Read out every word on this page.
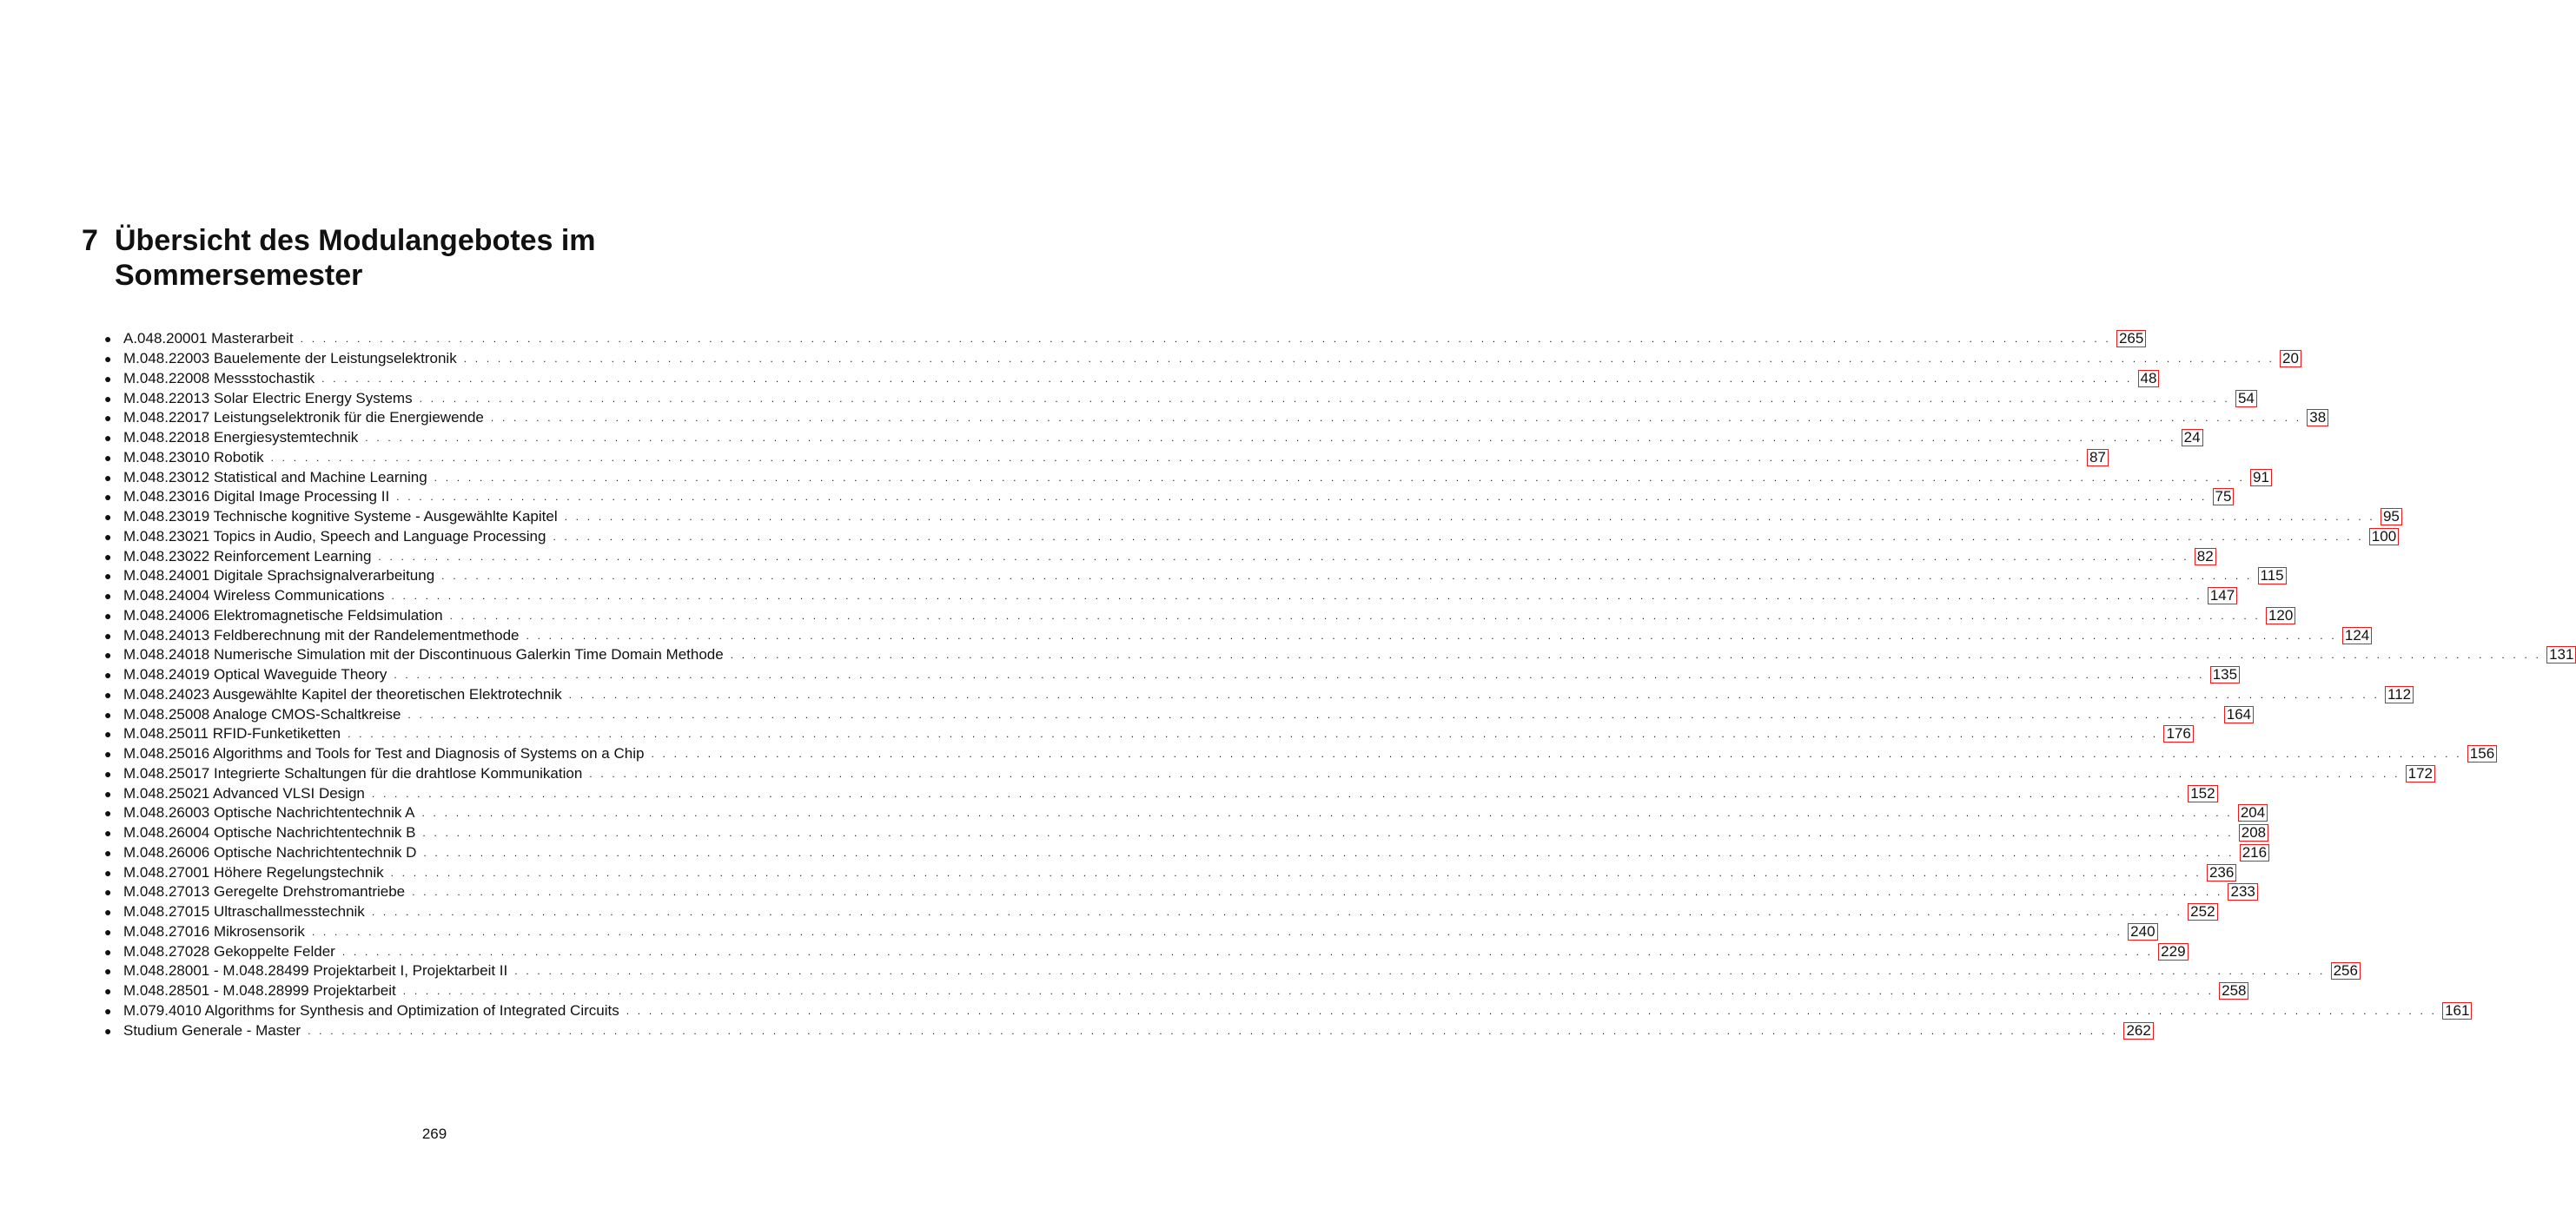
7 Übersicht des Modulangebotes im Sommersemester
● A.048.20001 Masterarbeit . . . . . . . . . . . . . . . . . . . . . . . . . . . . . . . . . . . . . . . . . . . . . . . . . . . . . . . . . . . . . . . . . . . . . . . . . . . . . . . . . . . . . . . . . . . . . . . . . . . . . . . . . . . . . . . . . . . . . . . . . . . . . . . . . . . . . . . . . . . . . . . . . . . . . . . . . . . . . . . . 265
● M.048.22003 Bauelemente der Leistungselektronik . . . . . . . . . . . . . . . . . . . . . . . . . . . . . . . . . . . . . . . . . . . . . . . . . . . . . . . . . . . . . . . . . . . . . . . . . . . . . . . . . . . . . . . . . . . . . . . . . . . . . . . . . . . . . . . . . . . . . . . . . . . . . . . . . . . . . . . . . . . . . . . . . . . . . . . . . . . . . . . . 20
● M.048.22008 Messstochastik . . . . . . . . . . . . . . . . . . . . . . . . . . . . . . . . . . . . . . . . . . . . . . . . . . . . . . . . . . . . . . . . . . . . . . . . . . . . . . . . . . . . . . . . . . . . . . . . . . . . . . . . . . . . . . . . . . . . . . . . . . . . . . . . . . . . . . . . . . . . . . . . . . . . . . . . . . . . . . . . 48
● M.048.22013 Solar Electric Energy Systems . . . . . . . . . . . . . . . . . . . . . . . . . . . . . . . . . . . . . . . . . . . . . . . . . . . . . . . . . . . . . . . . . . . . . . . . . . . . . . . . . . . . . . . . . . . . . . . . . . . . . . . . . . . . . . . . . . . . . . . . . . . . . . . . . . . . . . . . . . . . . . . . . . . . . . . . . . . . . . . . 54
● M.048.22017 Leistungselektronik für die Energiewende . . . . . . . . . . . . . . . . . . . . . . . . . . . . . . . . . . . . . . . . . . . . . . . . . . . . . . . . . . . . . . . . . . . . . . . . . . . . . . . . . . . . . . . . . . . . . . . . . . . . . . . . . . . . . . . . . . . . . . . . . . . . . . . . . . . . . . . . . . . . . . . . . . . . . . . . . . . . . . . . 38
● M.048.22018 Energiesystemtechnik . . . . . . . . . . . . . . . . . . . . . . . . . . . . . . . . . . . . . . . . . . . . . . . . . . . . . . . . . . . . . . . . . . . . . . . . . . . . . . . . . . . . . . . . . . . . . . . . . . . . . . . . . . . . . . . . . . . . . . . . . . . . . . . . . . . . . . . . . . . . . . . . . . . . . . . . . . . . . . . . 24
● M.048.23010 Robotik . . . . . . . . . . . . . . . . . . . . . . . . . . . . . . . . . . . . . . . . . . . . . . . . . . . . . . . . . . . . . . . . . . . . . . . . . . . . . . . . . . . . . . . . . . . . . . . . . . . . . . . . . . . . . . . . . . . . . . . . . . . . . . . . . . . . . . . . . . . . . . . . . . . . . . . . . . . . . . . . 87
● M.048.23012 Statistical and Machine Learning . . . . . . . . . . . . . . . . . . . . . . . . . . . . . . . . . . . . . . . . . . . . . . . . . . . . . . . . . . . . . . . . . . . . . . . . . . . . . . . . . . . . . . . . . . . . . . . . . . . . . . . . . . . . . . . . . . . . . . . . . . . . . . . . . . . . . . . . . . . . . . . . . . . . . . . . . . . . . . . . 91
● M.048.23016 Digital Image Processing II . . . . . . . . . . . . . . . . . . . . . . . . . . . . . . . . . . . . . . . . . . . . . . . . . . . . . . . . . . . . . . . . . . . . . . . . . . . . . . . . . . . . . . . . . . . . . . . . . . . . . . . . . . . . . . . . . . . . . . . . . . . . . . . . . . . . . . . . . . . . . . . . . . . . . . . . . . . . . . . . 75
● M.048.23019 Technische kognitive Systeme - Ausgewählte Kapitel . . . . . . . . . . . . . . . . . . . . . . . . . . . . . . . . . . . . . . . . . . . . . . . . . . . . . . . . . . . . . . . . . . . . . . . . . . . . . . . . . . . . . . . . . . . . . . . . . . . . . . . . . . . . . . . . . . . . . . . . . . . . . . . . . . . . . . . . . . . . . . . . . . . . . . . . . . . . . . . . 95
● M.048.23021 Topics in Audio, Speech and Language Processing . . . . . . . . . . . . . . . . . . . . . . . . . . . . . . . . . . . . . . . . . . . . . . . . . . . . . . . . . . . . . . . . . . . . . . . . . . . . . . . . . . . . . . . . . . . . . . . . . . . . . . . . . . . . . . . . . . . . . . . . . . . . . . . . . . . . . . . . . . . . . . . . . . . . . . . . . . . . . . . . 100
● M.048.23022 Reinforcement Learning . . . . . . . . . . . . . . . . . . . . . . . . . . . . . . . . . . . . . . . . . . . . . . . . . . . . . . . . . . . . . . . . . . . . . . . . . . . . . . . . . . . . . . . . . . . . . . . . . . . . . . . . . . . . . . . . . . . . . . . . . . . . . . . . . . . . . . . . . . . . . . . . . . . . . . . . . . . . . . . . 82
● M.048.24001 Digitale Sprachsignalverarbeitung . . . . . . . . . . . . . . . . . . . . . . . . . . . . . . . . . . . . . . . . . . . . . . . . . . . . . . . . . . . . . . . . . . . . . . . . . . . . . . . . . . . . . . . . . . . . . . . . . . . . . . . . . . . . . . . . . . . . . . . . . . . . . . . . . . . . . . . . . . . . . . . . . . . . . . . . . . . . . . . . 115
● M.048.24004 Wireless Communications . . . . . . . . . . . . . . . . . . . . . . . . . . . . . . . . . . . . . . . . . . . . . . . . . . . . . . . . . . . . . . . . . . . . . . . . . . . . . . . . . . . . . . . . . . . . . . . . . . . . . . . . . . . . . . . . . . . . . . . . . . . . . . . . . . . . . . . . . . . . . . . . . . . . . . . . . . . . . . . . 147
● M.048.24006 Elektromagnetische Feldsimulation . . . . . . . . . . . . . . . . . . . . . . . . . . . . . . . . . . . . . . . . . . . . . . . . . . . . . . . . . . . . . . . . . . . . . . . . . . . . . . . . . . . . . . . . . . . . . . . . . . . . . . . . . . . . . . . . . . . . . . . . . . . . . . . . . . . . . . . . . . . . . . . . . . . . . . . . . . . . . . . . 120
● M.048.24013 Feldberechnung mit der Randelementmethode . . . . . . . . . . . . . . . . . . . . . . . . . . . . . . . . . . . . . . . . . . . . . . . . . . . . . . . . . . . . . . . . . . . . . . . . . . . . . . . . . . . . . . . . . . . . . . . . . . . . . . . . . . . . . . . . . . . . . . . . . . . . . . . . . . . . . . . . . . . . . . . . . . . . . . . . . . . . . . . . 124
● M.048.24018 Numerische Simulation mit der Discontinuous Galerkin Time Domain Methode . . . . . . . . . . . . . . . . . . . . . . . . . . . . . . . . . . . . . . . . . . . . . . . . . . . . . . . . . . . . . . . . . . . . . . . . . . . . . . . . . . . . . . . . . . . . . . . . . . . . . . . . . . . . . . . . . . . . . . . . . . . . . . . . . . . . . . . . . . . . . . . . . . . . . . . . . . . . . . . . 131
● M.048.24019 Optical Waveguide Theory . . . . . . . . . . . . . . . . . . . . . . . . . . . . . . . . . . . . . . . . . . . . . . . . . . . . . . . . . . . . . . . . . . . . . . . . . . . . . . . . . . . . . . . . . . . . . . . . . . . . . . . . . . . . . . . . . . . . . . . . . . . . . . . . . . . . . . . . . . . . . . . . . . . . . . . . . . . . . . . . 135
● M.048.24023 Ausgewählte Kapitel der theoretischen Elektrotechnik . . . . . . . . . . . . . . . . . . . . . . . . . . . . . . . . . . . . . . . . . . . . . . . . . . . . . . . . . . . . . . . . . . . . . . . . . . . . . . . . . . . . . . . . . . . . . . . . . . . . . . . . . . . . . . . . . . . . . . . . . . . . . . . . . . . . . . . . . . . . . . . . . . . . . . . . . . . . . . . . 112
● M.048.25008 Analoge CMOS-Schaltkreise . . . . . . . . . . . . . . . . . . . . . . . . . . . . . . . . . . . . . . . . . . . . . . . . . . . . . . . . . . . . . . . . . . . . . . . . . . . . . . . . . . . . . . . . . . . . . . . . . . . . . . . . . . . . . . . . . . . . . . . . . . . . . . . . . . . . . . . . . . . . . . . . . . . . . . . . . . . . . . . . 164
● M.048.25011 RFID-Funketiketten . . . . . . . . . . . . . . . . . . . . . . . . . . . . . . . . . . . . . . . . . . . . . . . . . . . . . . . . . . . . . . . . . . . . . . . . . . . . . . . . . . . . . . . . . . . . . . . . . . . . . . . . . . . . . . . . . . . . . . . . . . . . . . . . . . . . . . . . . . . . . . . . . . . . . . . . . . . . . . . . 176
● M.048.25016 Algorithms and Tools for Test and Diagnosis of Systems on a Chip . . . . . . . . . . . . . . . . . . . . . . . . . . . . . . . . . . . . . . . . . . . . . . . . . . . . . . . . . . . . . . . . . . . . . . . . . . . . . . . . . . . . . . . . . . . . . . . . . . . . . . . . . . . . . . . . . . . . . . . . . . . . . . . . . . . . . . . . . . . . . . . . . . . . . . . . . . . . . . . . 156
● M.048.25017 Integrierte Schaltungen für die drahtlose Kommunikation . . . . . . . . . . . . . . . . . . . . . . . . . . . . . . . . . . . . . . . . . . . . . . . . . . . . . . . . . . . . . . . . . . . . . . . . . . . . . . . . . . . . . . . . . . . . . . . . . . . . . . . . . . . . . . . . . . . . . . . . . . . . . . . . . . . . . . . . . . . . . . . . . . . . . . . . . . . . . . . . 172
● M.048.25021 Advanced VLSI Design . . . . . . . . . . . . . . . . . . . . . . . . . . . . . . . . . . . . . . . . . . . . . . . . . . . . . . . . . . . . . . . . . . . . . . . . . . . . . . . . . . . . . . . . . . . . . . . . . . . . . . . . . . . . . . . . . . . . . . . . . . . . . . . . . . . . . . . . . . . . . . . . . . . . . . . . . . . . . . . . 152
● M.048.26003 Optische Nachrichtentechnik A . . . . . . . . . . . . . . . . . . . . . . . . . . . . . . . . . . . . . . . . . . . . . . . . . . . . . . . . . . . . . . . . . . . . . . . . . . . . . . . . . . . . . . . . . . . . . . . . . . . . . . . . . . . . . . . . . . . . . . . . . . . . . . . . . . . . . . . . . . . . . . . . . . . . . . . . . . . . . . . . 204
● M.048.26004 Optische Nachrichtentechnik B . . . . . . . . . . . . . . . . . . . . . . . . . . . . . . . . . . . . . . . . . . . . . . . . . . . . . . . . . . . . . . . . . . . . . . . . . . . . . . . . . . . . . . . . . . . . . . . . . . . . . . . . . . . . . . . . . . . . . . . . . . . . . . . . . . . . . . . . . . . . . . . . . . . . . . . . . . . . . . . . 208
● M.048.26006 Optische Nachrichtentechnik D . . . . . . . . . . . . . . . . . . . . . . . . . . . . . . . . . . . . . . . . . . . . . . . . . . . . . . . . . . . . . . . . . . . . . . . . . . . . . . . . . . . . . . . . . . . . . . . . . . . . . . . . . . . . . . . . . . . . . . . . . . . . . . . . . . . . . . . . . . . . . . . . . . . . . . . . . . . . . . . . 216
● M.048.27001 Höhere Regelungstechnik . . . . . . . . . . . . . . . . . . . . . . . . . . . . . . . . . . . . . . . . . . . . . . . . . . . . . . . . . . . . . . . . . . . . . . . . . . . . . . . . . . . . . . . . . . . . . . . . . . . . . . . . . . . . . . . . . . . . . . . . . . . . . . . . . . . . . . . . . . . . . . . . . . . . . . . . . . . . . . . . 236
● M.048.27013 Geregelte Drehstromantriebe . . . . . . . . . . . . . . . . . . . . . . . . . . . . . . . . . . . . . . . . . . . . . . . . . . . . . . . . . . . . . . . . . . . . . . . . . . . . . . . . . . . . . . . . . . . . . . . . . . . . . . . . . . . . . . . . . . . . . . . . . . . . . . . . . . . . . . . . . . . . . . . . . . . . . . . . . . . . . . . . 233
● M.048.27015 Ultraschallmesstechnik . . . . . . . . . . . . . . . . . . . . . . . . . . . . . . . . . . . . . . . . . . . . . . . . . . . . . . . . . . . . . . . . . . . . . . . . . . . . . . . . . . . . . . . . . . . . . . . . . . . . . . . . . . . . . . . . . . . . . . . . . . . . . . . . . . . . . . . . . . . . . . . . . . . . . . . . . . . . . . . . 252
● M.048.27016 Mikrosensorik . . . . . . . . . . . . . . . . . . . . . . . . . . . . . . . . . . . . . . . . . . . . . . . . . . . . . . . . . . . . . . . . . . . . . . . . . . . . . . . . . . . . . . . . . . . . . . . . . . . . . . . . . . . . . . . . . . . . . . . . . . . . . . . . . . . . . . . . . . . . . . . . . . . . . . . . . . . . . . . . 240
● M.048.27028 Gekoppelte Felder . . . . . . . . . . . . . . . . . . . . . . . . . . . . . . . . . . . . . . . . . . . . . . . . . . . . . . . . . . . . . . . . . . . . . . . . . . . . . . . . . . . . . . . . . . . . . . . . . . . . . . . . . . . . . . . . . . . . . . . . . . . . . . . . . . . . . . . . . . . . . . . . . . . . . . . . . . . . . . . . 229
● M.048.28001 - M.048.28499 Projektarbeit I, Projektarbeit II . . . . . . . . . . . . . . . . . . . . . . . . . . . . . . . . . . . . . . . . . . . . . . . . . . . . . . . . . . . . . . . . . . . . . . . . . . . . . . . . . . . . . . . . . . . . . . . . . . . . . . . . . . . . . . . . . . . . . . . . . . . . . . . . . . . . . . . . . . . . . . . . . . . . . . . . . . . . . . . . 256
● M.048.28501 - M.048.28999 Projektarbeit . . . . . . . . . . . . . . . . . . . . . . . . . . . . . . . . . . . . . . . . . . . . . . . . . . . . . . . . . . . . . . . . . . . . . . . . . . . . . . . . . . . . . . . . . . . . . . . . . . . . . . . . . . . . . . . . . . . . . . . . . . . . . . . . . . . . . . . . . . . . . . . . . . . . . . . . . . . . . . . . 258
● M.079.4010 Algorithms for Synthesis and Optimization of Integrated Circuits . . . . . . . . . . . . . . . . . . . . . . . . . . . . . . . . . . . . . . . . . . . . . . . . . . . . . . . . . . . . . . . . . . . . . . . . . . . . . . . . . . . . . . . . . . . . . . . . . . . . . . . . . . . . . . . . . . . . . . . . . . . . . . . . . . . . . . . . . . . . . . . . . . . . . . . . . . . . . . . . 161
● Studium Generale - Master . . . . . . . . . . . . . . . . . . . . . . . . . . . . . . . . . . . . . . . . . . . . . . . . . . . . . . . . . . . . . . . . . . . . . . . . . . . . . . . . . . . . . . . . . . . . . . . . . . . . . . . . . . . . . . . . . . . . . . . . . . . . . . . . . . . . . . . . . . . . . . . . . . . . . . . . . . . . . . . . 262
269
